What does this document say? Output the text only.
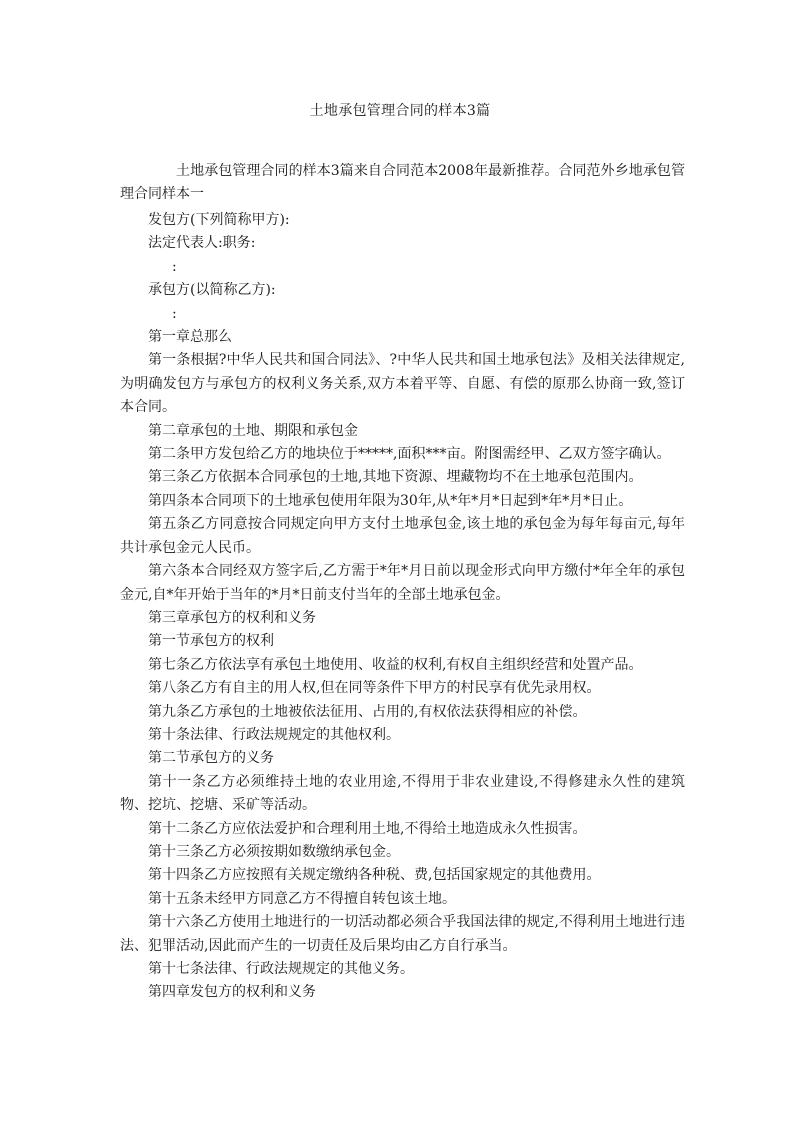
土地承包管理合同的样本3篇

土地承包管理合同的样本3篇来自合同范本2008年最新推荐。合同范外乡地承包管理合同样本一

发包方(下列简称甲方):

法定代表人:职务:

:

承包方(以简称乙方):

:

第一章总那么

第一条根据?中华人民共和国合同法》、?中华人民共和国土地承包法》及相关法律规定,为明确发包方与承包方的权利义务关系,双方本着平等、自愿、有偿的原那么协商一致,签订本合同。

第二章承包的土地、期限和承包金

第二条甲方发包给乙方的地块位于*****,面积***亩。附图需经甲、乙双方签字确认。

第三条乙方依据本合同承包的土地,其地下资源、埋藏物均不在土地承包范围内。

第四条本合同项下的土地承包使用年限为30年,从*年*月*日起到*年*月*日止。

第五条乙方同意按合同规定向甲方支付土地承包金,该土地的承包金为每年每亩元,每年共计承包金元人民币。

第六条本合同经双方签字后,乙方需于*年*月日前以现金形式向甲方缴付*年全年的承包金元,自*年开始于当年的*月*日前支付当年的全部土地承包金。

第三章承包方的权利和义务

第一节承包方的权利

第七条乙方依法享有承包土地使用、收益的权利,有权自主组织经营和处置产品。

第八条乙方有自主的用人权,但在同等条件下甲方的村民享有优先录用权。

第九条乙方承包的土地被依法征用、占用的,有权依法获得相应的补偿。

第十条法律、行政法规规定的其他权利。

第二节承包方的义务

第十一条乙方必须维持土地的农业用途,不得用于非农业建设,不得修建永久性的建筑物、挖坑、挖塘、采矿等活动。

第十二条乙方应依法爱护和合理利用土地,不得给土地造成永久性损害。

第十三条乙方必须按期如数缴纳承包金。

第十四条乙方应按照有关规定缴纳各种税、费,包括国家规定的其他费用。

第十五条未经甲方同意乙方不得擅自转包该土地。

第十六条乙方使用土地进行的一切活动都必须合乎我国法律的规定,不得利用土地进行违法、犯罪活动,因此而产生的一切责任及后果均由乙方自行承当。

第十七条法律、行政法规规定的其他义务。

第四章发包方的权利和义务
